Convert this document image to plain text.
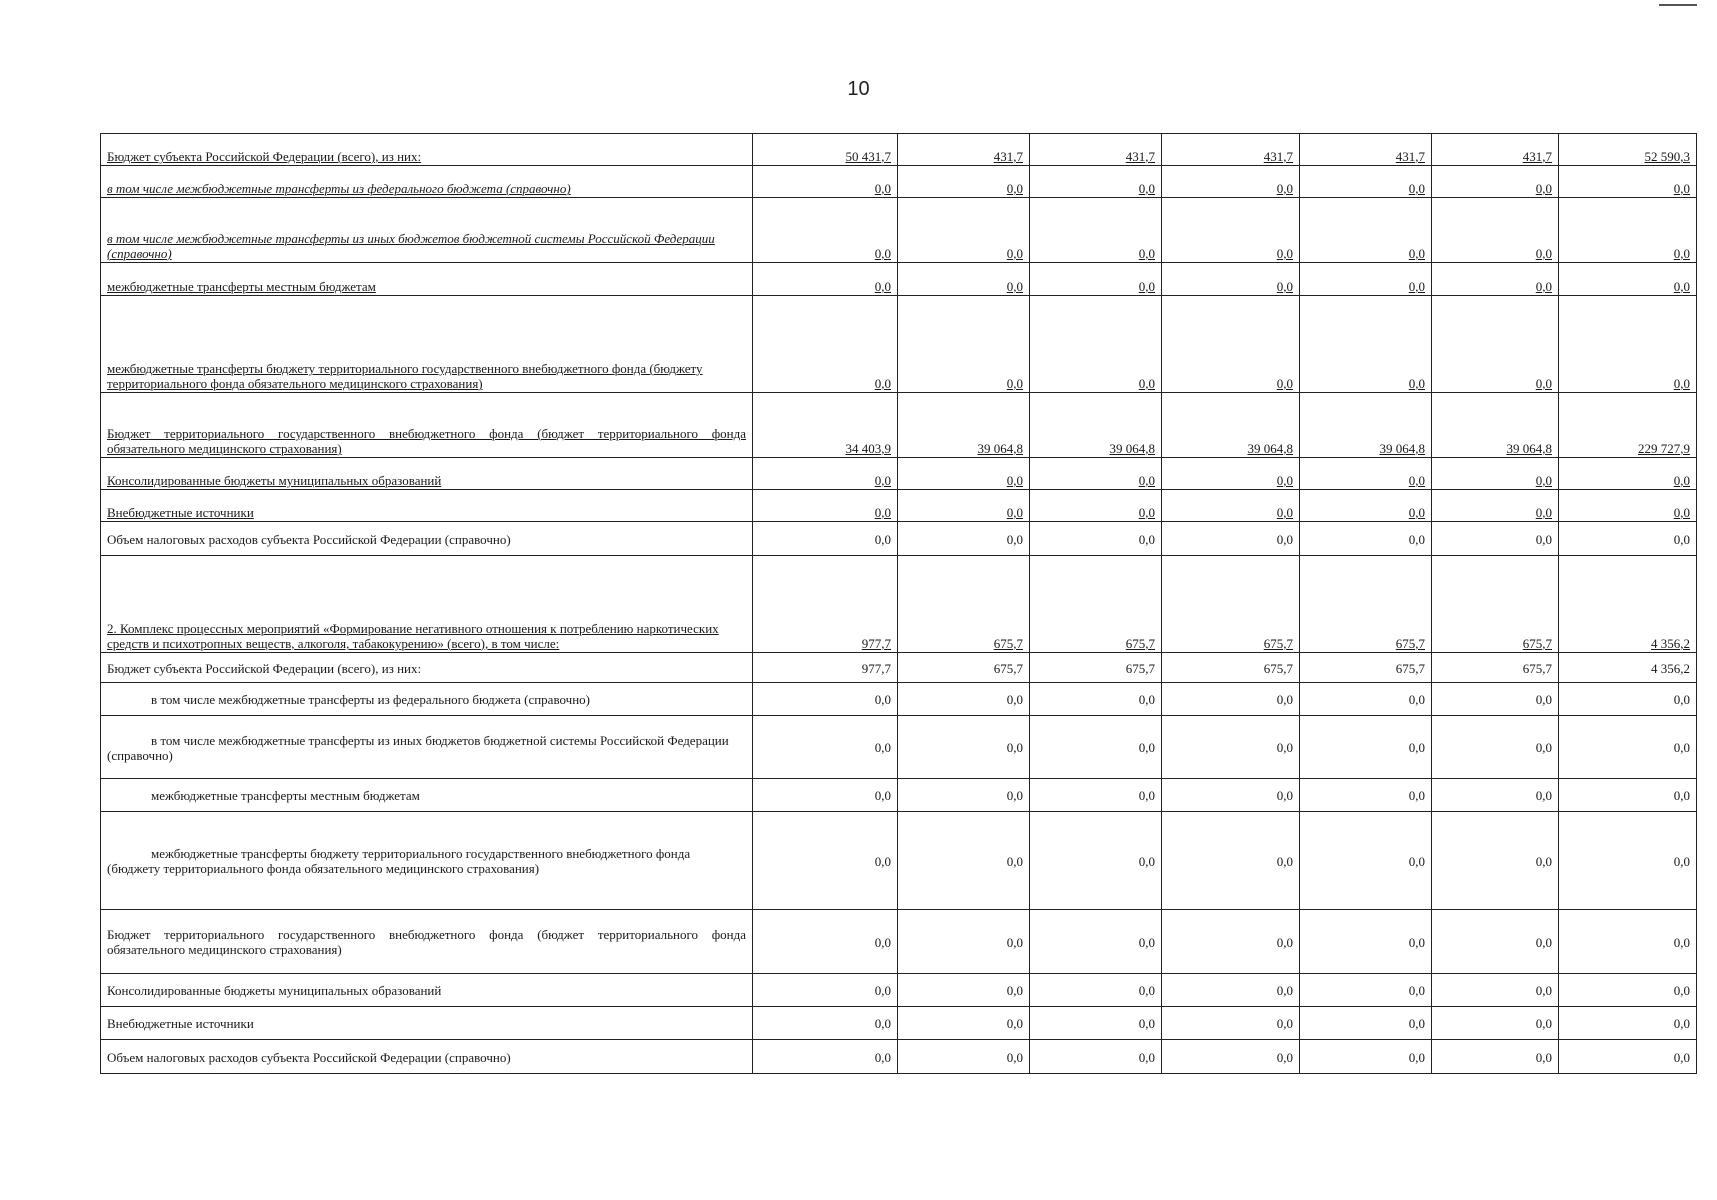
10
Бюджет субъекта Российской Федерации (всего), из них:	50 431,7	431,7	431,7	431,7	431,7	431,7	52 590,3
в том числе межбюджетные трансферты из федерального бюджета (справочно)	0,0	0,0	0,0	0,0	0,0	0,0	0,0
в том числе межбюджетные трансферты из иных бюджетов бюджетной системы Российской Федерации (справочно)	0,0	0,0	0,0	0,0	0,0	0,0	0,0
межбюджетные трансферты местным бюджетам	0,0	0,0	0,0	0,0	0,0	0,0	0,0
межбюджетные трансферты бюджету территориального государственного внебюджетного фонда (бюджету территориального фонда обязательного медицинского страхования)	0,0	0,0	0,0	0,0	0,0	0,0	0,0
Бюджет территориального государственного внебюджетного фонда (бюджет территориального фонда обязательного медицинского страхования)	34 403,9	39 064,8	39 064,8	39 064,8	39 064,8	39 064,8	229 727,9
Консолидированные бюджеты муниципальных образований	0,0	0,0	0,0	0,0	0,0	0,0	0,0
Внебюджетные источники	0,0	0,0	0,0	0,0	0,0	0,0	0,0
Объем налоговых расходов субъекта Российской Федерации (справочно)	0,0	0,0	0,0	0,0	0,0	0,0	0,0
2. Комплекс процессных мероприятий «Формирование негативного отношения к потреблению наркотических средств и психотропных веществ, алкоголя, табакокурению» (всего), в том числе:	977,7	675,7	675,7	675,7	675,7	675,7	4 356,2
Бюджет субъекта Российской Федерации (всего), из них:	977,7	675,7	675,7	675,7	675,7	675,7	4 356,2
в том числе межбюджетные трансферты из федерального бюджета (справочно)	0,0	0,0	0,0	0,0	0,0	0,0	0,0
в том числе межбюджетные трансферты из иных бюджетов бюджетной системы Российской Федерации (справочно)	0,0	0,0	0,0	0,0	0,0	0,0	0,0
межбюджетные трансферты местным бюджетам	0,0	0,0	0,0	0,0	0,0	0,0	0,0
межбюджетные трансферты бюджету территориального государственного внебюджетного фонда (бюджету территориального фонда обязательного медицинского страхования)	0,0	0,0	0,0	0,0	0,0	0,0	0,0
Бюджет территориального государственного внебюджетного фонда (бюджет территориального фонда обязательного медицинского страхования)	0,0	0,0	0,0	0,0	0,0	0,0	0,0
Консолидированные бюджеты муниципальных образований	0,0	0,0	0,0	0,0	0,0	0,0	0,0
Внебюджетные источники	0,0	0,0	0,0	0,0	0,0	0,0	0,0
Объем налоговых расходов субъекта Российской Федерации (справочно)	0,0	0,0	0,0	0,0	0,0	0,0	0,0
